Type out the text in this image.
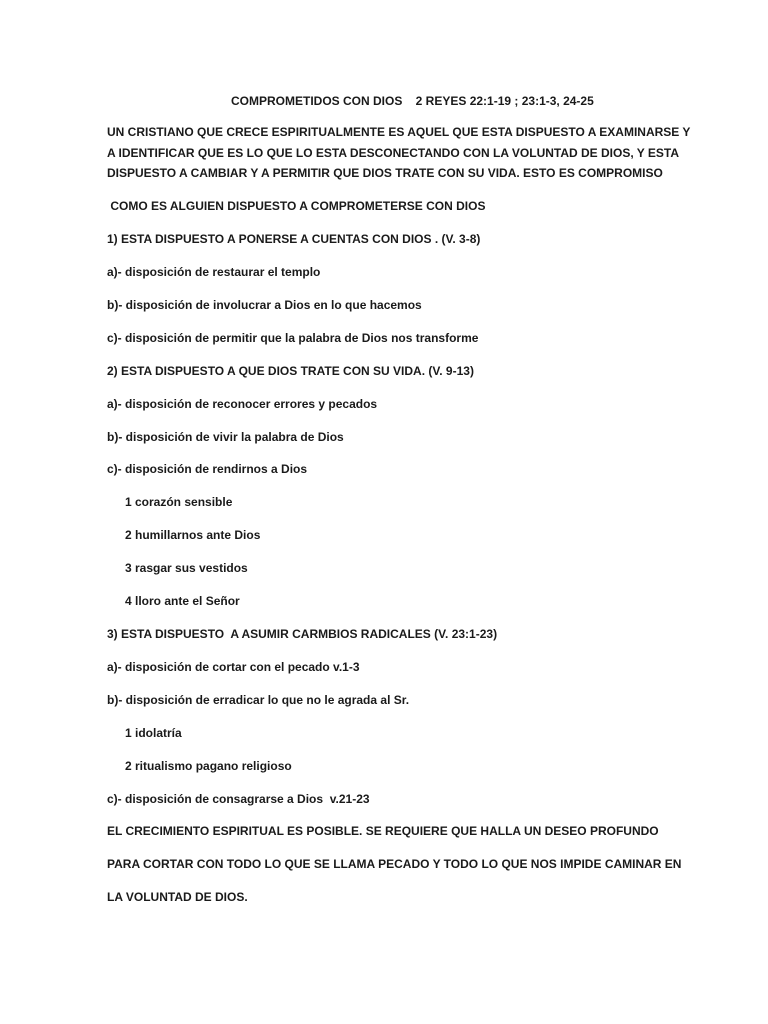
COMPROMETIDOS CON DIOS    2 REYES 22:1-19 ; 23:1-3, 24-25
UN CRISTIANO QUE CRECE ESPIRITUALMENTE ES AQUEL QUE ESTA DISPUESTO A EXAMINARSE Y
A IDENTIFICAR QUE ES LO QUE LO ESTA DESCONECTANDO CON LA VOLUNTAD DE DIOS, Y ESTA
DISPUESTO A CAMBIAR Y A PERMITIR QUE DIOS TRATE CON SU VIDA. ESTO ES COMPROMISO
COMO ES ALGUIEN DISPUESTO A COMPROMETERSE CON DIOS
1) ESTA DISPUESTO A PONERSE A CUENTAS CON DIOS . (V. 3-8)
a)- disposición de restaurar el templo
b)- disposición de involucrar a Dios en lo que hacemos
c)- disposición de permitir que la palabra de Dios nos transforme
2) ESTA DISPUESTO A QUE DIOS TRATE CON SU VIDA. (V. 9-13)
a)- disposición de reconocer errores y pecados
b)- disposición de vivir la palabra de Dios
c)- disposición de rendirnos a Dios
1 corazón sensible
2 humillarnos ante Dios
3 rasgar sus vestidos
4 lloro ante el Señor
3) ESTA DISPUESTO  A ASUMIR CARMBIOS RADICALES (V. 23:1-23)
a)- disposición de cortar con el pecado v.1-3
b)- disposición de erradicar lo que no le agrada al Sr.
1 idolatría
2 ritualismo pagano religioso
c)- disposición de consagrarse a Dios  v.21-23
EL CRECIMIENTO ESPIRITUAL ES POSIBLE. SE REQUIERE QUE HALLA UN DESEO PROFUNDO
PARA CORTAR CON TODO LO QUE SE LLAMA PECADO Y TODO LO QUE NOS IMPIDE CAMINAR EN
LA VOLUNTAD DE DIOS.
